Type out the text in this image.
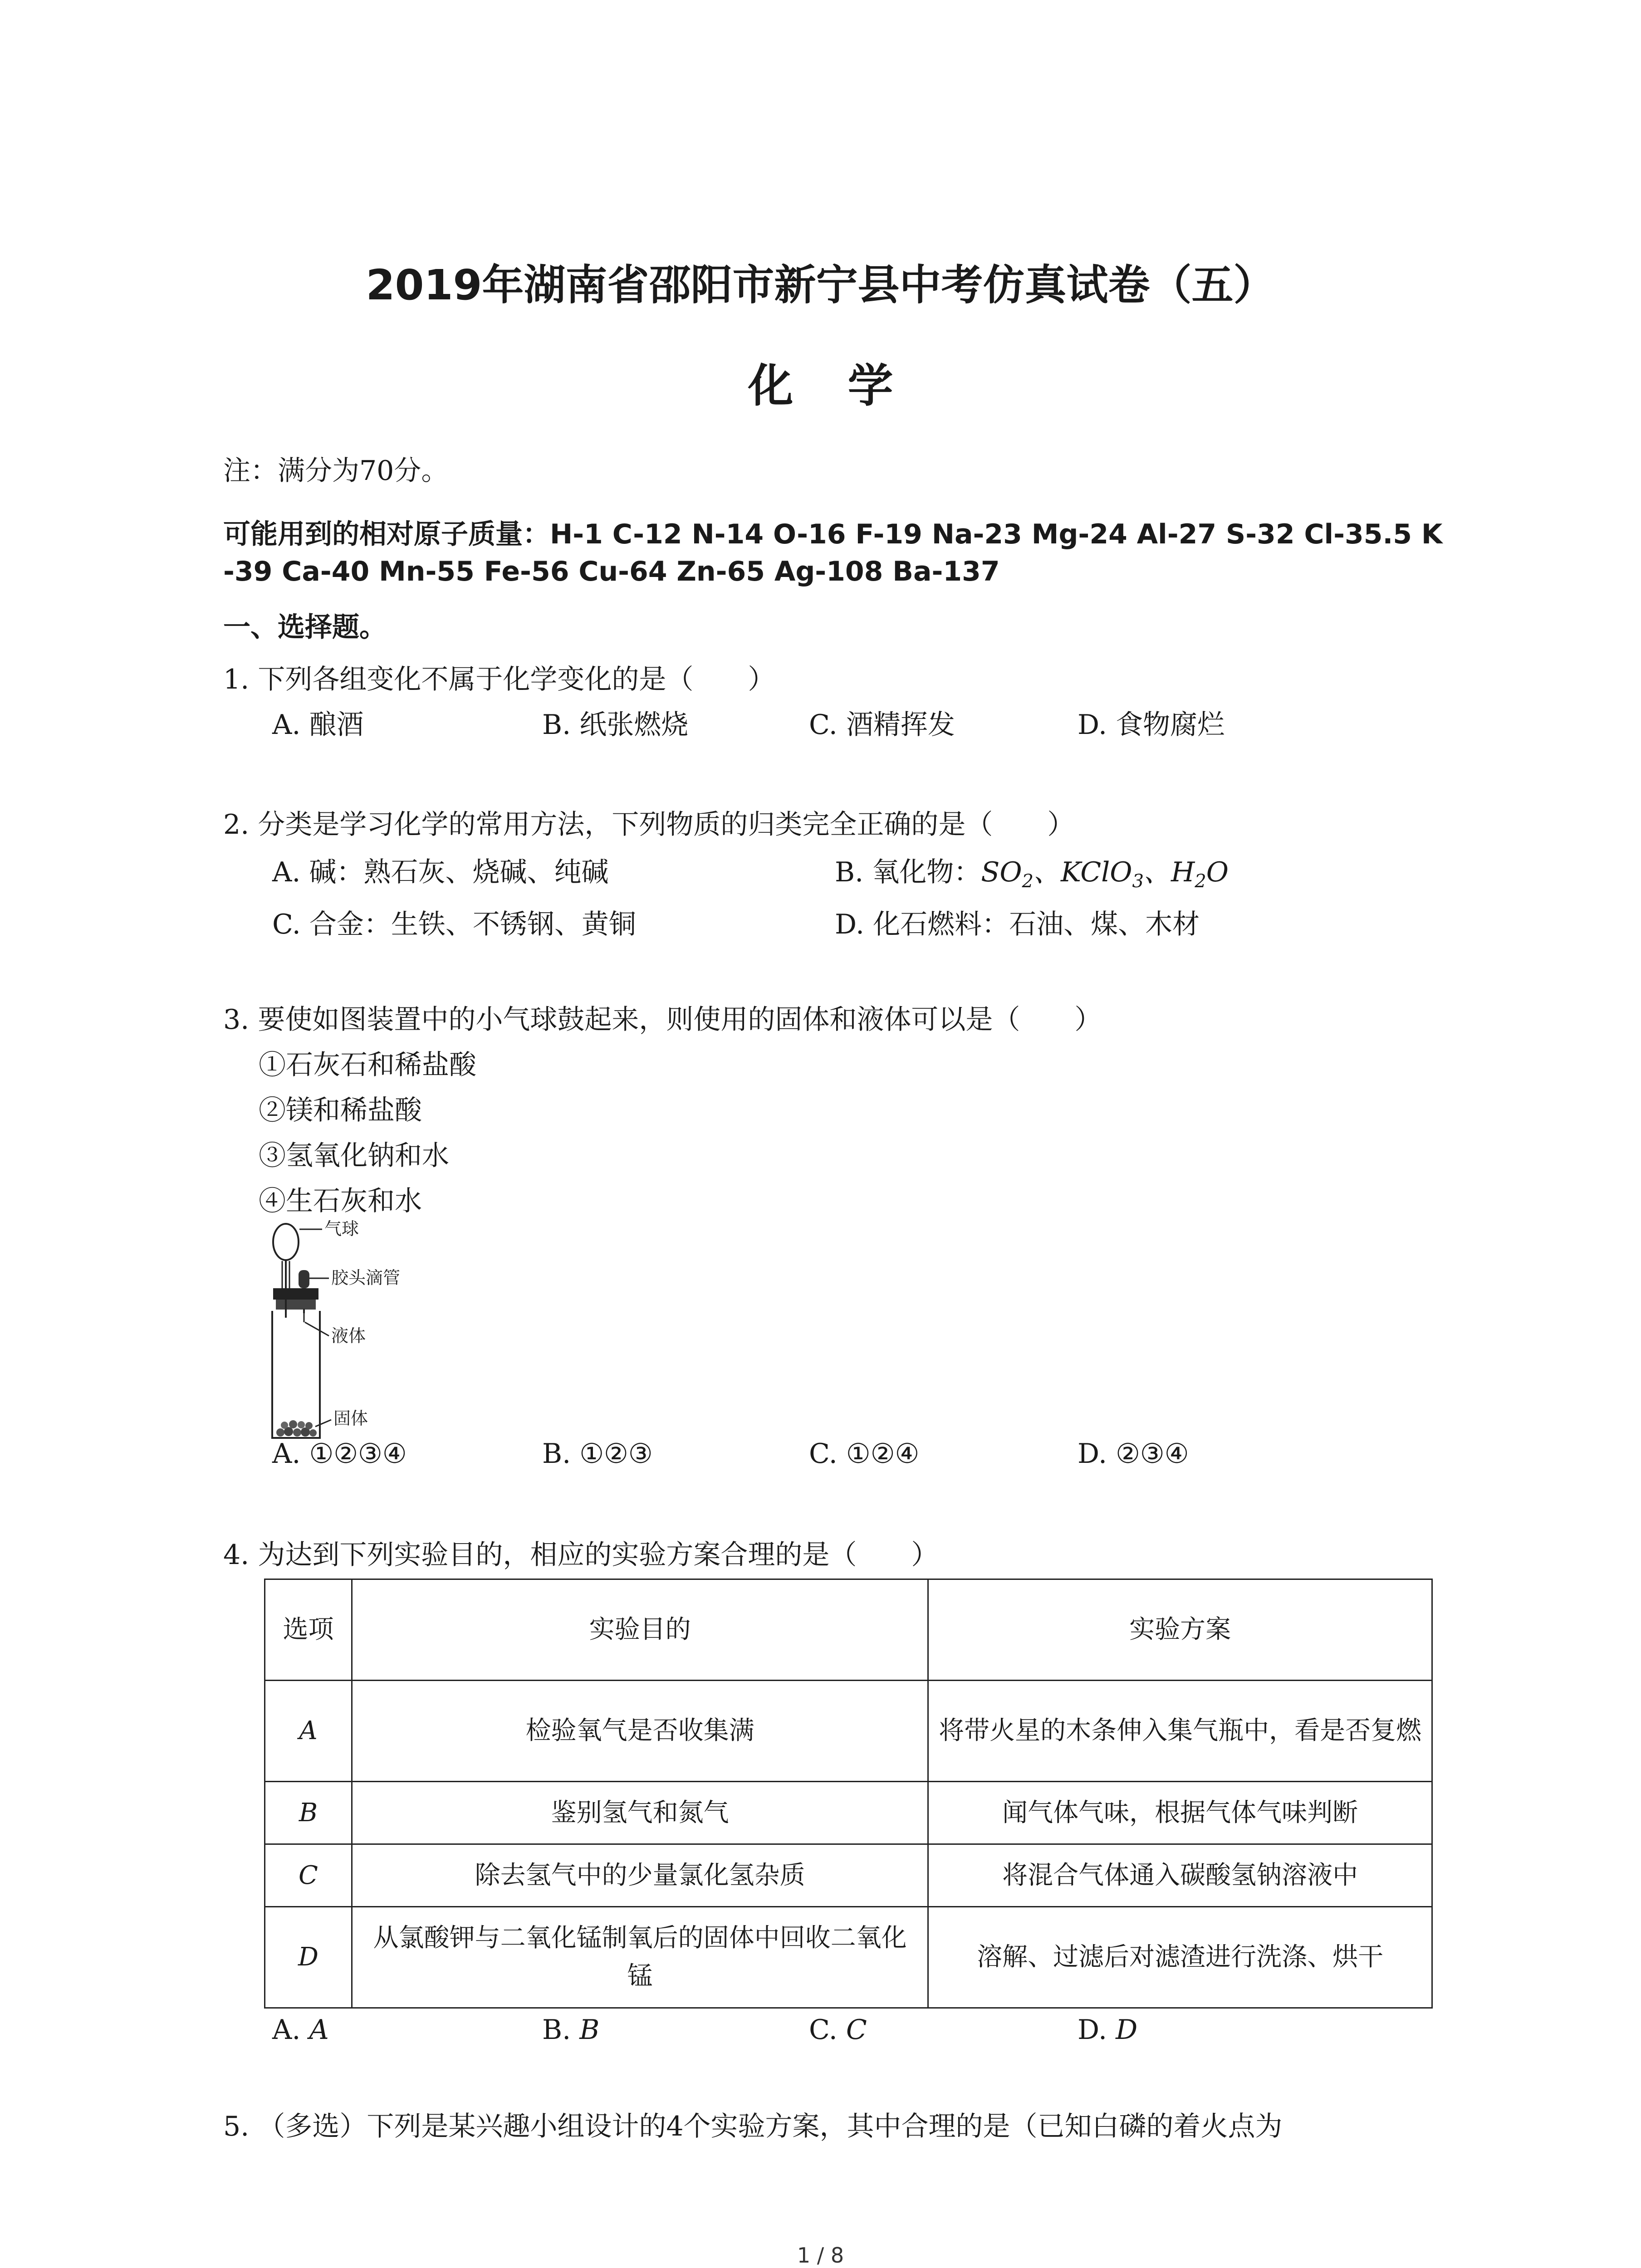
2019年湖南省邵阳市新宁县中考仿真试卷（五）
化学
注：满分为70分。
可能用到的相对原子质量：H-1 C-12 N-14 O-16 F-19 Na-23 Mg-24 Al-27 S-32 Cl-35.5 K
-39 Ca-40 Mn-55 Fe-56 Cu-64 Zn-65 Ag-108 Ba-137
一、选择题。
1. 下列各组变化不属于化学变化的是（　　）
A. 酿酒	B. 纸张燃烧	C. 酒精挥发	D. 食物腐烂
2. 分类是学习化学的常用方法，下列物质的归类完全正确的是（　　）
A. 碱：熟石灰、烧碱、纯碱	B. 氧化物：$SO_2$、KClO$_3$、$H_2O$
C. 合金：生铁、不锈钢、黄铜	D. 化石燃料：石油、煤、木材
3. 要使如图装置中的小气球鼓起来，则使用的固体和液体可以是（　　）
①石灰石和稀盐酸
②镁和稀盐酸
③氢氧化钠和水
④生石灰和水
气球
胶头滴管
液体
固体
A. ①②③④	B. ①②③	C. ①②④	D. ②③④
4. 为达到下列实验目的，相应的实验方案合理的是（　　）
选项	实验目的	实验方案
A	检验氧气是否收集满	将带火星的木条伸入集气瓶中，看是否复燃
B	鉴别氢气和氮气	闻气体气味，根据气体气味判断
C	除去氢气中的少量氯化氢杂质	将混合气体通入碳酸氢钠溶液中
D	从氯酸钾与二氧化锰制氧后的固体中回收二氧化锰	溶解、过滤后对滤渣进行洗涤、烘干
A. A	B. B	C. C	D. D
5. （多选）下列是某兴趣小组设计的4个实验方案，其中合理的是（已知白磷的着火点为
1 / 8
